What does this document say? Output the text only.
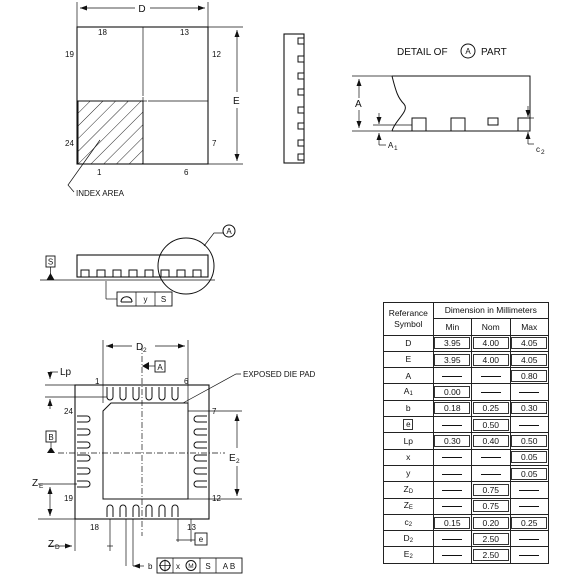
D
18	13
19	12
24	7
1	6
E
INDEX AREA
DETAIL OF A PART
A
A 1	c 2
S
A
y S
Lp
D 2
A
1	6
EXPOSED DIE PAD
24	7
B
E 2
Z E
19	12
18	13
Z D
e
b	x M S A B
Referance
Symbol	Dimension in Millimeters		
	Min	Nom	Max
D	3.95	4.00	4.05
E	3.95	4.00	4.05
A			0.80
$A_1$	0.00		
b	0.18	0.25	0.30
e		0.50	
Lp	0.30	0.40	0.50
x			0.05
y			0.05
$Z_D$		0.75	
$Z_E$		0.75	
$c_2$	0.15	0.20	0.25
$D_2$		2.50	
$E_2$		2.50	
